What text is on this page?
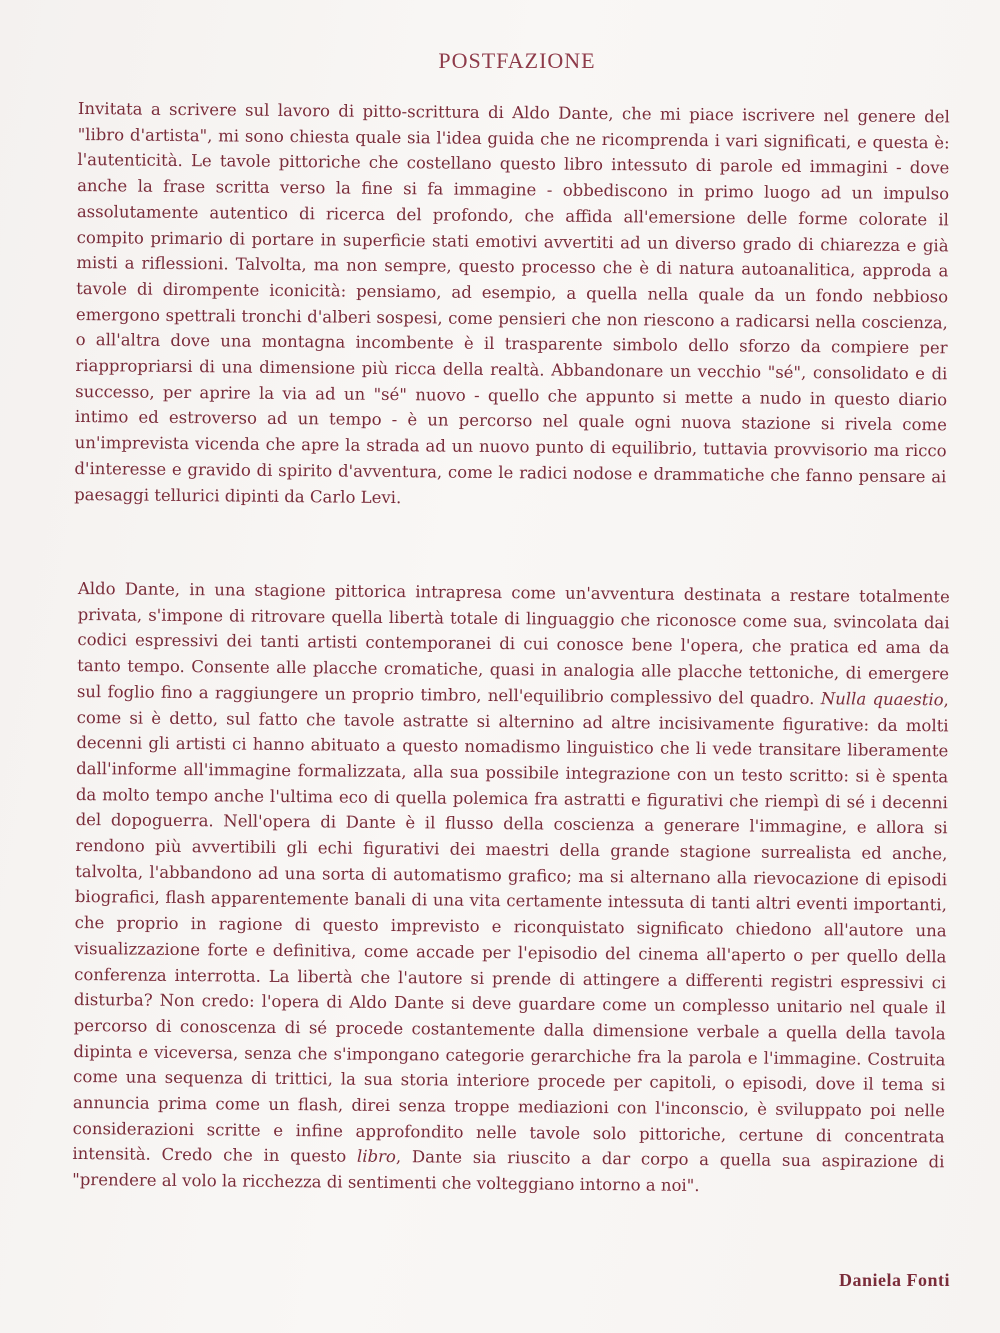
POSTFAZIONE

Invitata a scrivere sul lavoro di pitto-scrittura di Aldo Dante, che mi piace iscrivere nel genere del "libro d'artista", mi sono chiesta quale sia l'idea guida che ne ricomprenda i vari significati, e questa è: l'autenticità. Le tavole pittoriche che costellano questo libro intessuto di parole ed immagini - dove anche la frase scritta verso la fine si fa immagine - obbediscono in primo luogo ad un impulso assolutamente autentico di ricerca del profondo, che affida all'emersione delle forme colorate il compito primario di portare in superficie stati emotivi avvertiti ad un diverso grado di chiarezza e già misti a riflessioni. Talvolta, ma non sempre, questo processo che è di natura autoanalitica, approda a tavole di dirompente iconicità: pensiamo, ad esempio, a quella nella quale da un fondo nebbioso emergono spettrali tronchi d'alberi sospesi, come pensieri che non riescono a radicarsi nella coscienza, o all'altra dove una montagna incombente è il trasparente simbolo dello sforzo da compiere per riappropriarsi di una dimensione più ricca della realtà. Abbandonare un vecchio "sé", consolidato e di successo, per aprire la via ad un "sé" nuovo - quello che appunto si mette a nudo in questo diario intimo ed estroverso ad un tempo - è un percorso nel quale ogni nuova stazione si rivela come un'imprevista vicenda che apre la strada ad un nuovo punto di equilibrio, tuttavia provvisorio ma ricco d'interesse e gravido di spirito d'avventura, come le radici nodose e drammatiche che fanno pensare ai paesaggi tellurici dipinti da Carlo Levi.

Aldo Dante, in una stagione pittorica intrapresa come un'avventura destinata a restare totalmente privata, s'impone di ritrovare quella libertà totale di linguaggio che riconosce come sua, svincolata dai codici espressivi dei tanti artisti contemporanei di cui conosce bene l'opera, che pratica ed ama da tanto tempo. Consente alle placche cromatiche, quasi in analogia alle placche tettoniche, di emergere sul foglio fino a raggiungere un proprio timbro, nell'equilibrio complessivo del quadro. Nulla quaestio, come si è detto, sul fatto che tavole astratte si alternino ad altre incisivamente figurative: da molti decenni gli artisti ci hanno abituato a questo nomadismo linguistico che li vede transitare liberamente dall'informe all'immagine formalizzata, alla sua possibile integrazione con un testo scritto: si è spenta da molto tempo anche l'ultima eco di quella polemica fra astratti e figurativi che riempì di sé i decenni del dopoguerra. Nell'opera di Dante è il flusso della coscienza a generare l'immagine, e allora si rendono più avvertibili gli echi figurativi dei maestri della grande stagione surrealista ed anche, talvolta, l'abbandono ad una sorta di automatismo grafico; ma si alternano alla rievocazione di episodi biografici, flash apparentemente banali di una vita certamente intessuta di tanti altri eventi importanti, che proprio in ragione di questo imprevisto e riconquistato significato chiedono all'autore una visualizzazione forte e definitiva, come accade per l'episodio del cinema all'aperto o per quello della conferenza interrotta. La libertà che l'autore si prende di attingere a differenti registri espressivi ci disturba? Non credo: l'opera di Aldo Dante si deve guardare come un complesso unitario nel quale il percorso di conoscenza di sé procede costantemente dalla dimensione verbale a quella della tavola dipinta e viceversa, senza che s'impongano categorie gerarchiche fra la parola e l'immagine. Costruita come una sequenza di trittici, la sua storia interiore procede per capitoli, o episodi, dove il tema si annuncia prima come un flash, direi senza troppe mediazioni con l'inconscio, è sviluppato poi nelle considerazioni scritte e infine approfondito nelle tavole solo pittoriche, certune di concentrata intensità. Credo che in questo libro, Dante sia riuscito a dar corpo a quella sua aspirazione di "prendere al volo la ricchezza di sentimenti che volteggiano intorno a noi".

Daniela Fonti
